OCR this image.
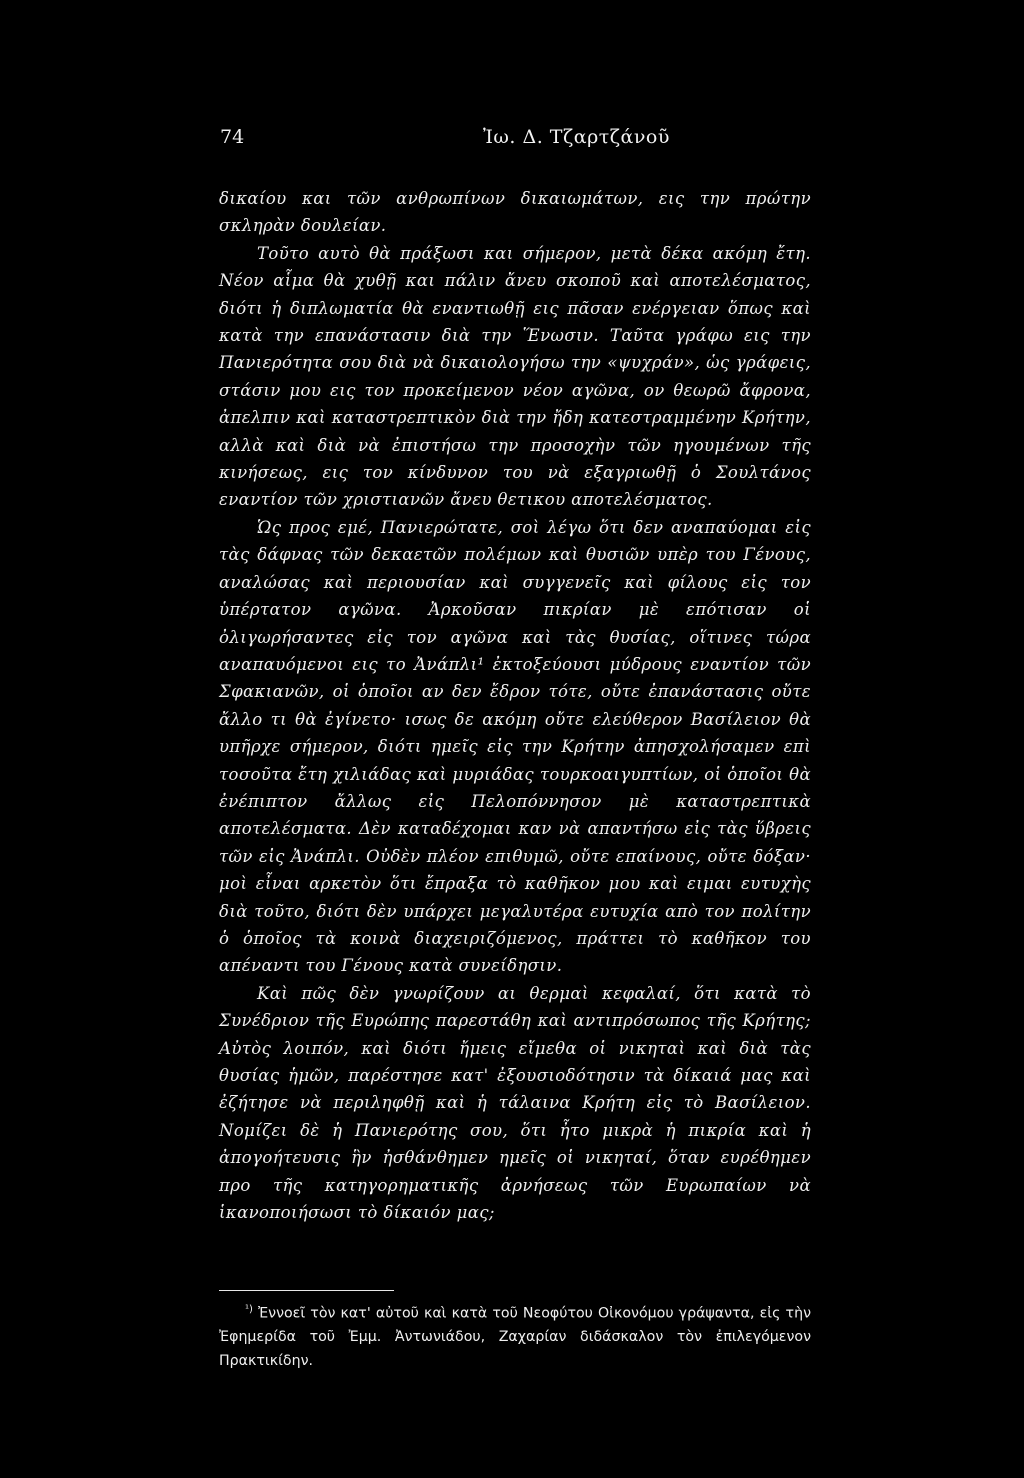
74	Ἰω. Δ. Τζαρτζάνοῦ

δικαίου και τῶν ανθρωπίνων δικαιωμάτων, εις την πρώτην σκληρὰν δουλείαν.

Τοῦτο αυτὸ θὰ πράξωσι και σήμερον, μετὰ δέκα ακόμη ἔτη. Νέον αἷμα θὰ χυθῇ και πάλιν ἄνευ σκοποῦ καὶ αποτελέσματος, διότι ἡ διπλωματία θὰ εναντιωθῇ εις πᾶσαν ενέργειαν ὅπως καὶ κατὰ την επανάστασιν διὰ την Ἕνωσιν. Ταῦτα γράφω εις την Πανιερότητα σου διὰ νὰ δικαιολογήσω την «ψυχράν», ὡς γράφεις, στάσιν μου εις τον προκείμενον νέον αγῶνα, ον θεωρῶ ἄφρονα, ἀπελπιν καὶ καταστρεπτικὸν διὰ την ἤδη κατεστραμμένην Κρήτην, αλλὰ καὶ διὰ νὰ ἐπιστήσω την προσοχὴν τῶν ηγουμένων τῆς κινήσεως, εις τον κίνδυνον του νὰ εξαγριωθῇ ὁ Σουλτάνος εναντίον τῶν χριστιανῶν ἄνευ θετικου αποτελέσματος.

Ὡς προς εμέ, Πανιερώτατε, σοὶ λέγω ὅτι δεν αναπαύομαι εἰς τὰς δάφνας τῶν δεκαετῶν πολέμων καὶ θυσιῶν υπὲρ του Γένους, αναλώσας καὶ περιουσίαν καὶ συγγενεῖς καὶ φίλους εἰς τον ὑπέρτατον αγῶνα. Ἀρκοῦσαν πικρίαν μὲ επότισαν οἱ ὀλιγωρήσαντες εἰς τον αγῶνα καὶ τὰς θυσίας, οἵτινες τώρα αναπαυόμενοι εις το Ἀνάπλι¹ ἐκτοξεύουσι μύδρους εναντίον τῶν Σφακιανῶν, οἱ ὁποῖοι αν δεν ἔδρον τότε, οὔτε ἐπανάστασις οὔτε ἄλλο τι θὰ ἐγίνετο· ισως δε ακόμη οὔτε ελεύθερον Βασίλειον θὰ υπῆρχε σήμερον, διότι ημεῖς εἰς την Κρήτην ἀπησχολήσαμεν επὶ τοσοῦτα ἔτη χιλιάδας καὶ μυριάδας τουρκοαιγυπτίων, οἱ ὁποῖοι θὰ ἐνέπιπτον ἄλλως εἰς Πελοπόννησον μὲ καταστρεπτικὰ αποτελέσματα. Δὲν καταδέχομαι καν νὰ απαντήσω εἰς τὰς ὕβρεις τῶν εἰς Ἀνάπλι. Οὐδὲν πλέον επιθυμῶ, οὔτε επαίνους, οὔτε δόξαν· μοὶ εἶναι αρκετὸν ὅτι ἔπραξα τὸ καθῆκον μου καὶ ειμαι ευτυχὴς διὰ τοῦτο, διότι δὲν υπάρχει μεγαλυτέρα ευτυχία απὸ τον πολίτην ὁ ὁποῖος τὰ κοινὰ διαχειριζόμενος, πράττει τὸ καθῆκον του απέναντι του Γένους κατὰ συνείδησιν.

Καὶ πῶς δὲν γνωρίζουν αι θερμαὶ κεφαλαί, ὅτι κατὰ τὸ Συνέδριον τῆς Ευρώπης παρεστάθη καὶ αντιπρόσωπος τῆς Κρήτης; Αὐτὸς λοιπόν, καὶ διότι ἤμεις εἴμεθα οἱ νικηταὶ καὶ διὰ τὰς θυσίας ἡμῶν, παρέστησε κατ' ἐξουσιοδότησιν τὰ δίκαιά μας καὶ ἐζήτησε νὰ περιληφθῇ καὶ ἡ τάλαινα Κρήτη εἰς τὸ Βασίλειον. Νομίζει δὲ ἡ Πανιερότης σου, ὅτι ἦτο μικρὰ ἡ πικρία καὶ ἡ ἀπογοήτευσις ἣν ἠσθάνθημεν ημεῖς οἱ νικηταί, ὅταν ευρέθημεν προ τῆς κατηγορηματικῆς ἀρνήσεως τῶν Ευρωπαίων νὰ ἱκανοποιήσωσι τὸ δίκαιόν μας;

$^{^1)}$ Ἐννοεῖ τὸν κατ' αὐτοῦ καὶ κατὰ τοῦ Νεοφύτου Οἰκονόμου γράψαντα, εἰς τὴν Ἐφημερίδα τοῦ Ἐμμ. Ἀντωνιάδου, Ζαχαρίαν διδάσκαλον τὸν ἐπιλεγόμενον Πρακτικίδην.
